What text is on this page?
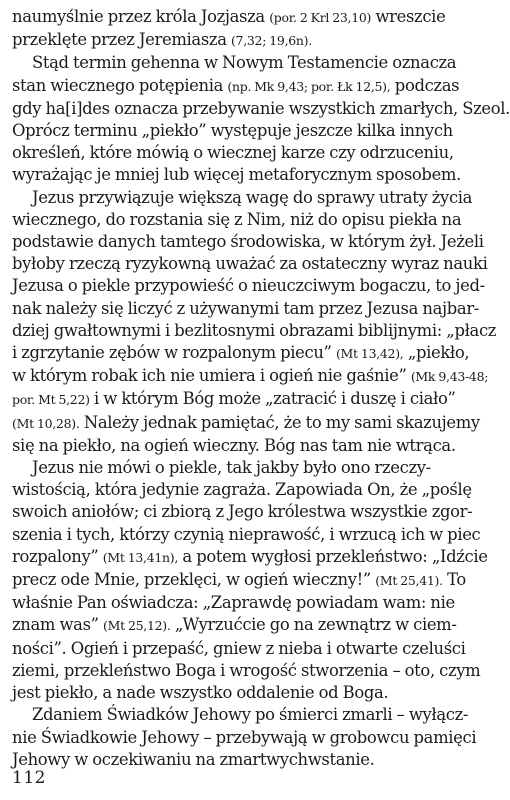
naumyślnie przez króla Jozjasza (por. 2 Krl 23,10) wreszcie
przeklęte przez Jeremiasza (7,32; 19,6n).
Stąd termin gehenna w Nowym Testamencie oznacza
stan wiecznego potępienia (np. Mk 9,43; por. Łk 12,5), podczas
gdy ha[i]des oznacza przebywanie wszystkich zmarłych, Szeol.
Oprócz terminu „piekło” występuje jeszcze kilka innych
określeń, które mówią o wiecznej karze czy odrzuceniu,
wyrażając je mniej lub więcej metaforycznym sposobem.
Jezus przywiązuje większą wagę do sprawy utraty życia
wiecznego, do rozstania się z Nim, niż do opisu piekła na
podstawie danych tamtego środowiska, w którym żył. Jeżeli
byłoby rzeczą ryzykowną uważać za ostateczny wyraz nauki
Jezusa o piekle przypowieść o nieuczciwym bogaczu, to jed-
nak należy się liczyć z używanymi tam przez Jezusa najbar-
dziej gwałtownymi i bezlitosnymi obrazami biblijnymi: „płacz
i zgrzytanie zębów w rozpalonym piecu” (Mt 13,42), „piekło,
w którym robak ich nie umiera i ogień nie gaśnie” (Mk 9,43-48;
por. Mt 5,22) i w którym Bóg może „zatracić i duszę i ciało”
(Mt 10,28). Należy jednak pamiętać, że to my sami skazujemy
się na piekło, na ogień wieczny. Bóg nas tam nie wtrąca.
Jezus nie mówi o piekle, tak jakby było ono rzeczy-
wistością, która jedynie zagraża. Zapowiada On, że „poślę
swoich aniołów; ci zbiorą z Jego królestwa wszystkie zgor-
szenia i tych, którzy czynią nieprawość, i wrzucą ich w piec
rozpalony” (Mt 13,41n), a potem wygłosi przekleństwo: „Idźcie
precz ode Mnie, przeklęci, w ogień wieczny!” (Mt 25,41). To
właśnie Pan oświadcza: „Zaprawdę powiadam wam: nie
znam was” (Mt 25,12). „Wyrzućcie go na zewnątrz w ciem-
ności”. Ogień i przepaść, gniew z nieba i otwarte czeluści
ziemi, przekleństwo Boga i wrogość stworzenia – oto, czym
jest piekło, a nade wszystko oddalenie od Boga.
Zdaniem Świadków Jehowy po śmierci zmarli – wyłącz-
nie Świadkowie Jehowy – przebywają w grobowcu pamięci
Jehowy w oczekiwaniu na zmartwychwstanie.
112
